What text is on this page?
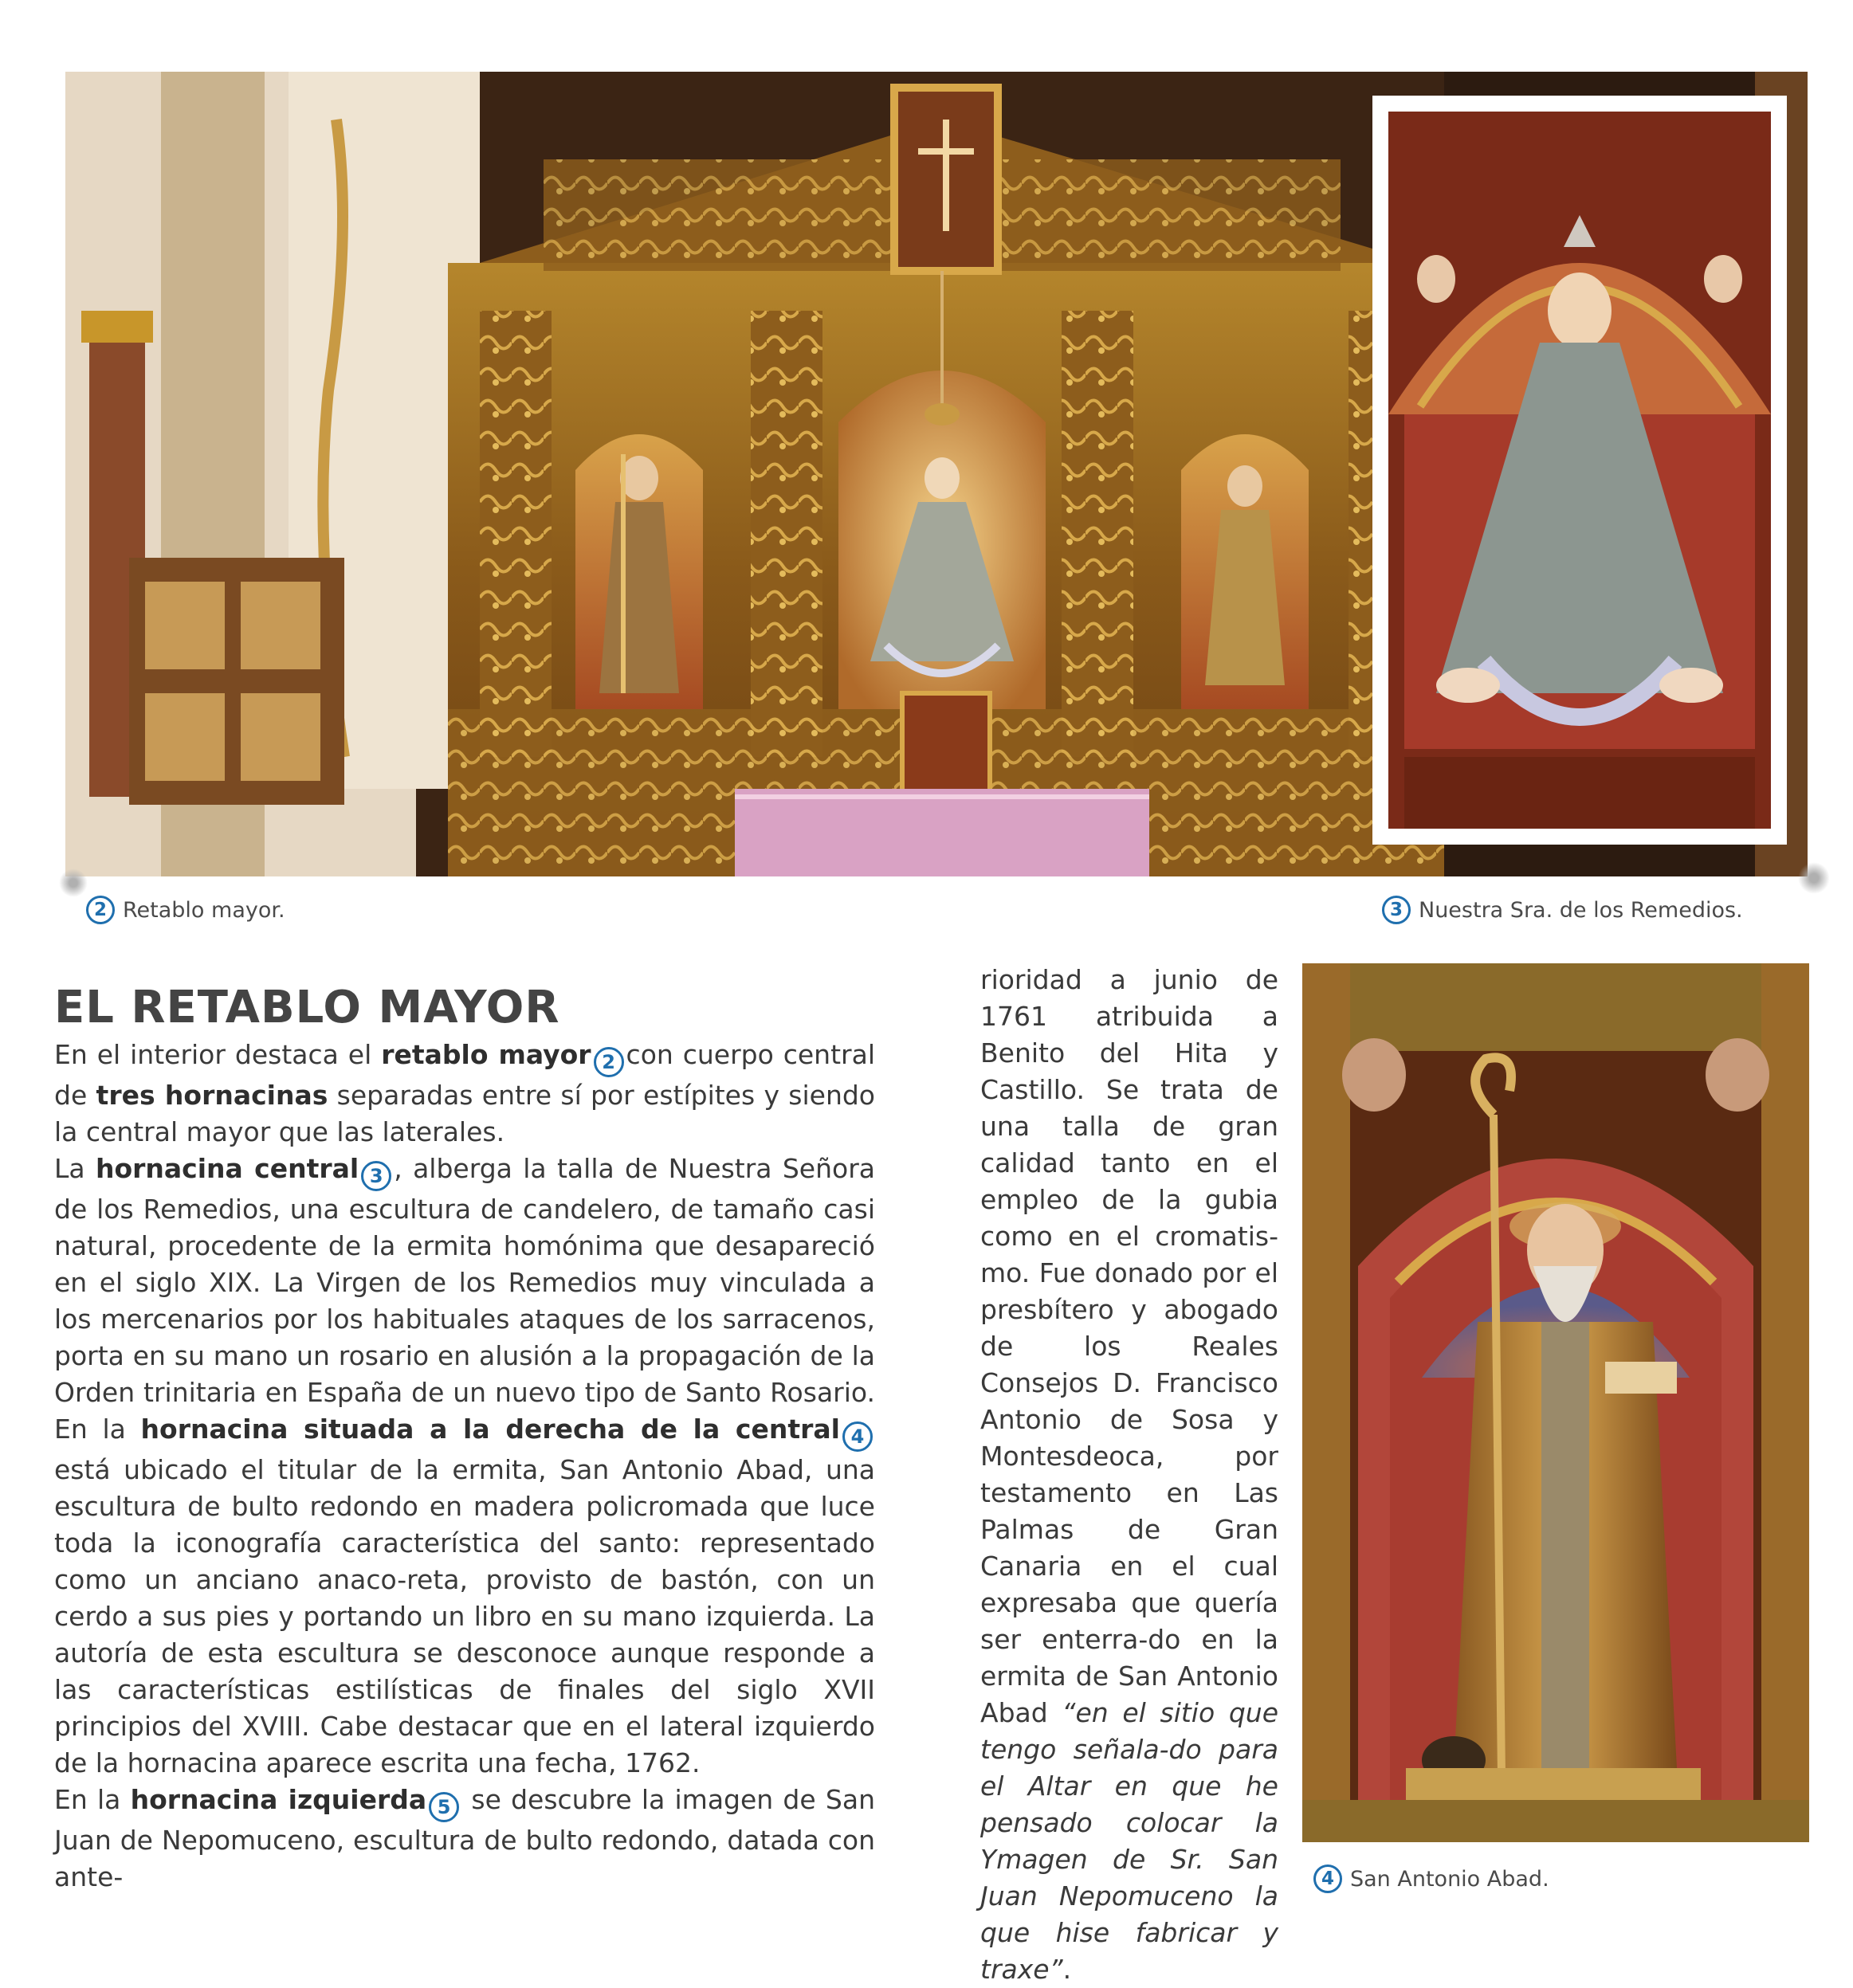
2 Retablo mayor.	3 Nuestra Sra. de los Remedios.
EL RETABLO MAYOR

En el interior destaca el retablo mayor 2 con cuerpo central de tres hornacinas separadas entre sí por estípites y siendo la central mayor que las laterales.

La hornacina central 3 , alberga la talla de Nuestra Señora de los Remedios, una escultura de candelero, de tamaño casi natural, procedente de la ermita homónima que desapareció en el siglo XIX. La Virgen de los Remedios muy vinculada a los mercenarios por los habituales ataques de los sarracenos, porta en su mano un rosario en alusión a la propagación de la Orden trinitaria en España de un nuevo tipo de Santo Rosario. En la hornacina situada a la derecha de la central 4 está ubicado el titular de la ermita, San Antonio Abad, una escultura de bulto redondo en madera policromada que luce toda la iconografía característica del santo: representado como un anciano anaco-reta, provisto de bastón, con un cerdo a sus pies y portando un libro en su mano izquierda. La autoría de esta escultura se desconoce aunque responde a las características estilísticas de finales del siglo XVII principios del XVIII. Cabe destacar que en el lateral izquierdo de la hornacina aparece escrita una fecha, 1762.

En la hornacina izquierda 5 se descubre la imagen de San Juan de Nepomuceno, escultura de bulto redondo, datada con ante-

rioridad a junio de 1761 atribuida a Benito del Hita y Castillo. Se trata de una talla de gran calidad tanto en el empleo de la gubia como en el cromatis-mo. Fue donado por el presbítero y abogado de los Reales Consejos D. Francisco Antonio de Sosa y Montesdeoca, por testamento en Las Palmas de Gran Canaria en el cual expresaba que quería ser enterra-do en la ermita de San Antonio Abad “en el sitio que tengo señala-do para el Altar en que he pensado colocar la Ymagen de Sr. San Juan Nepomuceno la que hise fabricar y traxe”.

4 San Antonio Abad.
